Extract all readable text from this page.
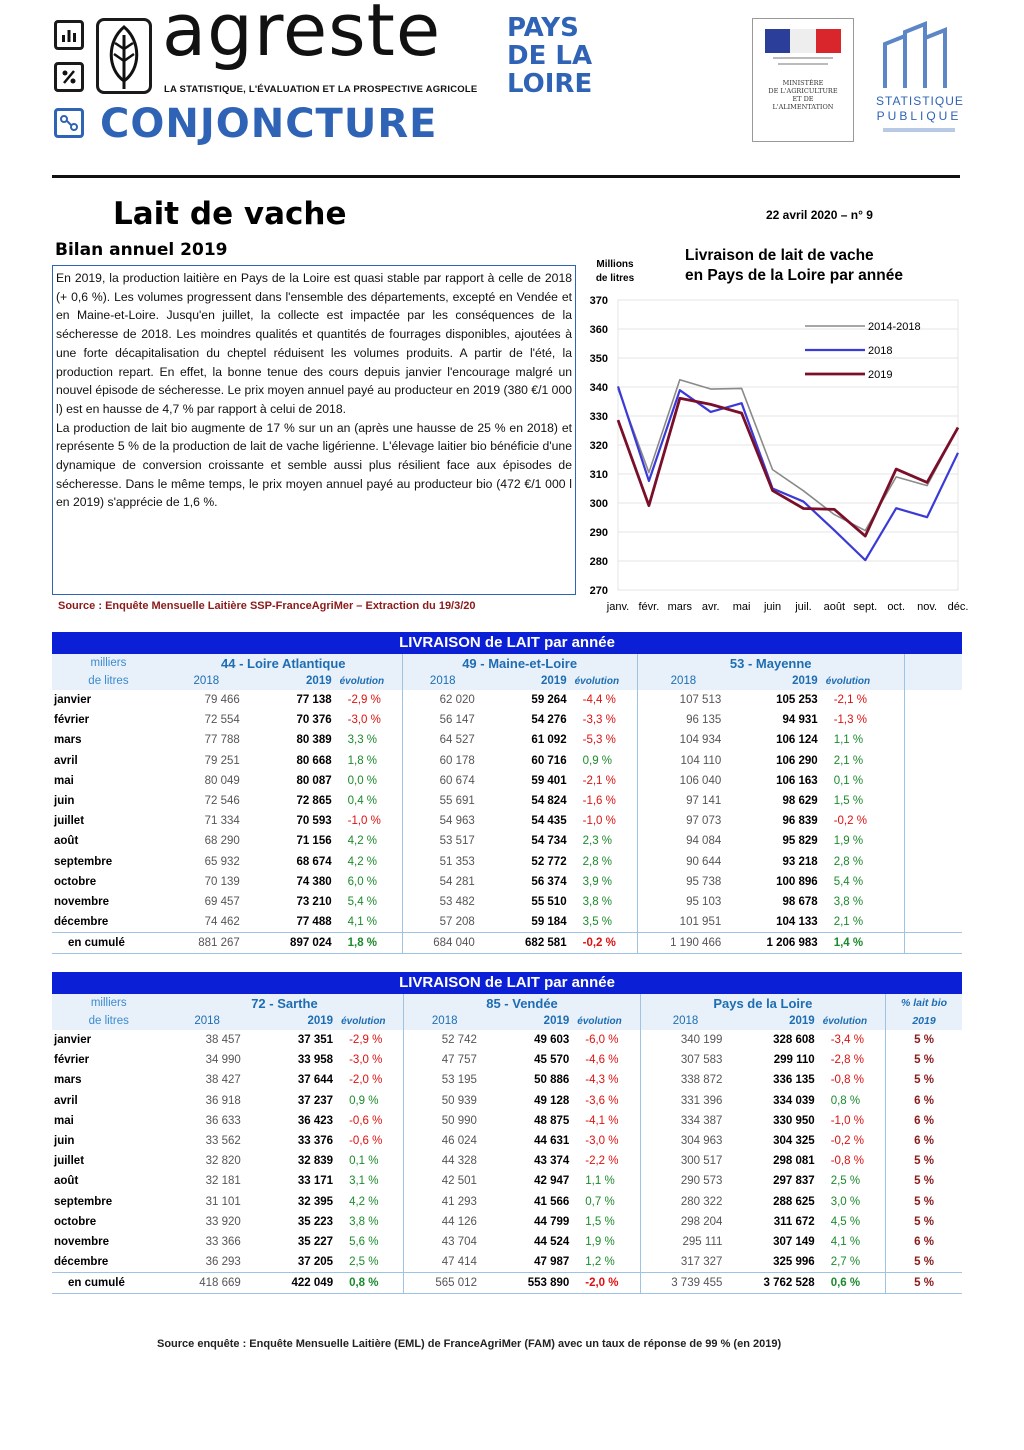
agreste
LA STATISTIQUE, L'ÉVALUATION ET LA PROSPECTIVE AGRICOLE
CONJONCTURE
PAYS
DE LA
LOIRE	MINISTÈRE
DE L'AGRICULTURE
ET DE
L'ALIMENTATION	STATISTIQUE
PUBLIQUE
Lait de vache	22 avril 2020 – n° 9
Bilan annuel 2019

En 2019, la production laitière en Pays de la Loire est quasi stable par rapport à celle de 2018 (+ 0,6 %). Les volumes progressent dans l'ensemble des départements, excepté en Vendée et en Maine-et-Loire. Jusqu'en juillet, la collecte est impactée par les conséquences de la sécheresse de 2018. Les moindres qualités et quantités de fourrages disponibles, ajoutées à une forte décapitalisation du cheptel réduisent les volumes produits. A partir de l'été, la production repart. En effet, la bonne tenue des cours depuis janvier l'encourage malgré un nouvel épisode de sécheresse. Le prix moyen annuel payé au producteur en 2019 (380 €/1 000 l) est en hausse de 4,7 % par rapport à celui de 2018.

La production de lait bio augmente de 17 % sur un an (après une hausse de 25 % en 2018) et représente 5 % de la production de lait de vache ligérienne. L'élevage laitier bio bénéficie d'une dynamique de conversion croissante et semble aussi plus résilient face aux épisodes de sécheresse. Dans le même temps, le prix moyen annuel payé au producteur bio (472 €/1 000 l en 2019) s'apprécie de 1,6 %.

Source : Enquête Mensuelle Laitière SSP-FranceAgriMer – Extraction du 19/3/20
270
280
290
300
310
320
330
340
350
360
370
janv. févr. mars avr. mai juin juil. août sept. oct. nov. déc.
Millions
de litres
Livraison de lait de vache
en Pays de la Loire par année
2014-2018
2018
2019
LIVRAISON de LAIT par année
milliers	44 - Loire Atlantique			49 - Maine-et-Loire			53 - Mayenne			
de litres	2018	2019	évolution	2018	2019	évolution	2018	2019	évolution	
janvier	79 466	77 138	-2,9 %	62 020	59 264	-4,4 %	107 513	105 253	-2,1 %	
février	72 554	70 376	-3,0 %	56 147	54 276	-3,3 %	96 135	94 931	-1,3 %	
mars	77 788	80 389	3,3 %	64 527	61 092	-5,3 %	104 934	106 124	1,1 %	
avril	79 251	80 668	1,8 %	60 178	60 716	0,9 %	104 110	106 290	2,1 %	
mai	80 049	80 087	0,0 %	60 674	59 401	-2,1 %	106 040	106 163	0,1 %	
juin	72 546	72 865	0,4 %	55 691	54 824	-1,6 %	97 141	98 629	1,5 %	
juillet	71 334	70 593	-1,0 %	54 963	54 435	-1,0 %	97 073	96 839	-0,2 %	
août	68 290	71 156	4,2 %	53 517	54 734	2,3 %	94 084	95 829	1,9 %	
septembre	65 932	68 674	4,2 %	51 353	52 772	2,8 %	90 644	93 218	2,8 %	
octobre	70 139	74 380	6,0 %	54 281	56 374	3,9 %	95 738	100 896	5,4 %	
novembre	69 457	73 210	5,4 %	53 482	55 510	3,8 %	95 103	98 678	3,8 %	
décembre	74 462	77 488	4,1 %	57 208	59 184	3,5 %	101 951	104 133	2,1 %	
en cumulé	881 267	897 024	1,8 %	684 040	682 581	-0,2 %	1 190 466	1 206 983	1,4 %	
LIVRAISON de LAIT par année
milliers	72 - Sarthe			85 - Vendée			Pays de la Loire			% lait bio
de litres	2018	2019	évolution	2018	2019	évolution	2018	2019	évolution	2019
janvier	38 457	37 351	-2,9 %	52 742	49 603	-6,0 %	340 199	328 608	-3,4 %	5 %
février	34 990	33 958	-3,0 %	47 757	45 570	-4,6 %	307 583	299 110	-2,8 %	5 %
mars	38 427	37 644	-2,0 %	53 195	50 886	-4,3 %	338 872	336 135	-0,8 %	5 %
avril	36 918	37 237	0,9 %	50 939	49 128	-3,6 %	331 396	334 039	0,8 %	6 %
mai	36 633	36 423	-0,6 %	50 990	48 875	-4,1 %	334 387	330 950	-1,0 %	6 %
juin	33 562	33 376	-0,6 %	46 024	44 631	-3,0 %	304 963	304 325	-0,2 %	6 %
juillet	32 820	32 839	0,1 %	44 328	43 374	-2,2 %	300 517	298 081	-0,8 %	5 %
août	32 181	33 171	3,1 %	42 501	42 947	1,1 %	290 573	297 837	2,5 %	5 %
septembre	31 101	32 395	4,2 %	41 293	41 566	0,7 %	280 322	288 625	3,0 %	5 %
octobre	33 920	35 223	3,8 %	44 126	44 799	1,5 %	298 204	311 672	4,5 %	5 %
novembre	33 366	35 227	5,6 %	43 704	44 524	1,9 %	295 111	307 149	4,1 %	6 %
décembre	36 293	37 205	2,5 %	47 414	47 987	1,2 %	317 327	325 996	2,7 %	5 %
en cumulé	418 669	422 049	0,8 %	565 012	553 890	-2,0 %	3 739 455	3 762 528	0,6 %	5 %
Source enquête : Enquête Mensuelle Laitière (EML) de FranceAgriMer (FAM) avec un taux de réponse de 99 % (en 2019)
